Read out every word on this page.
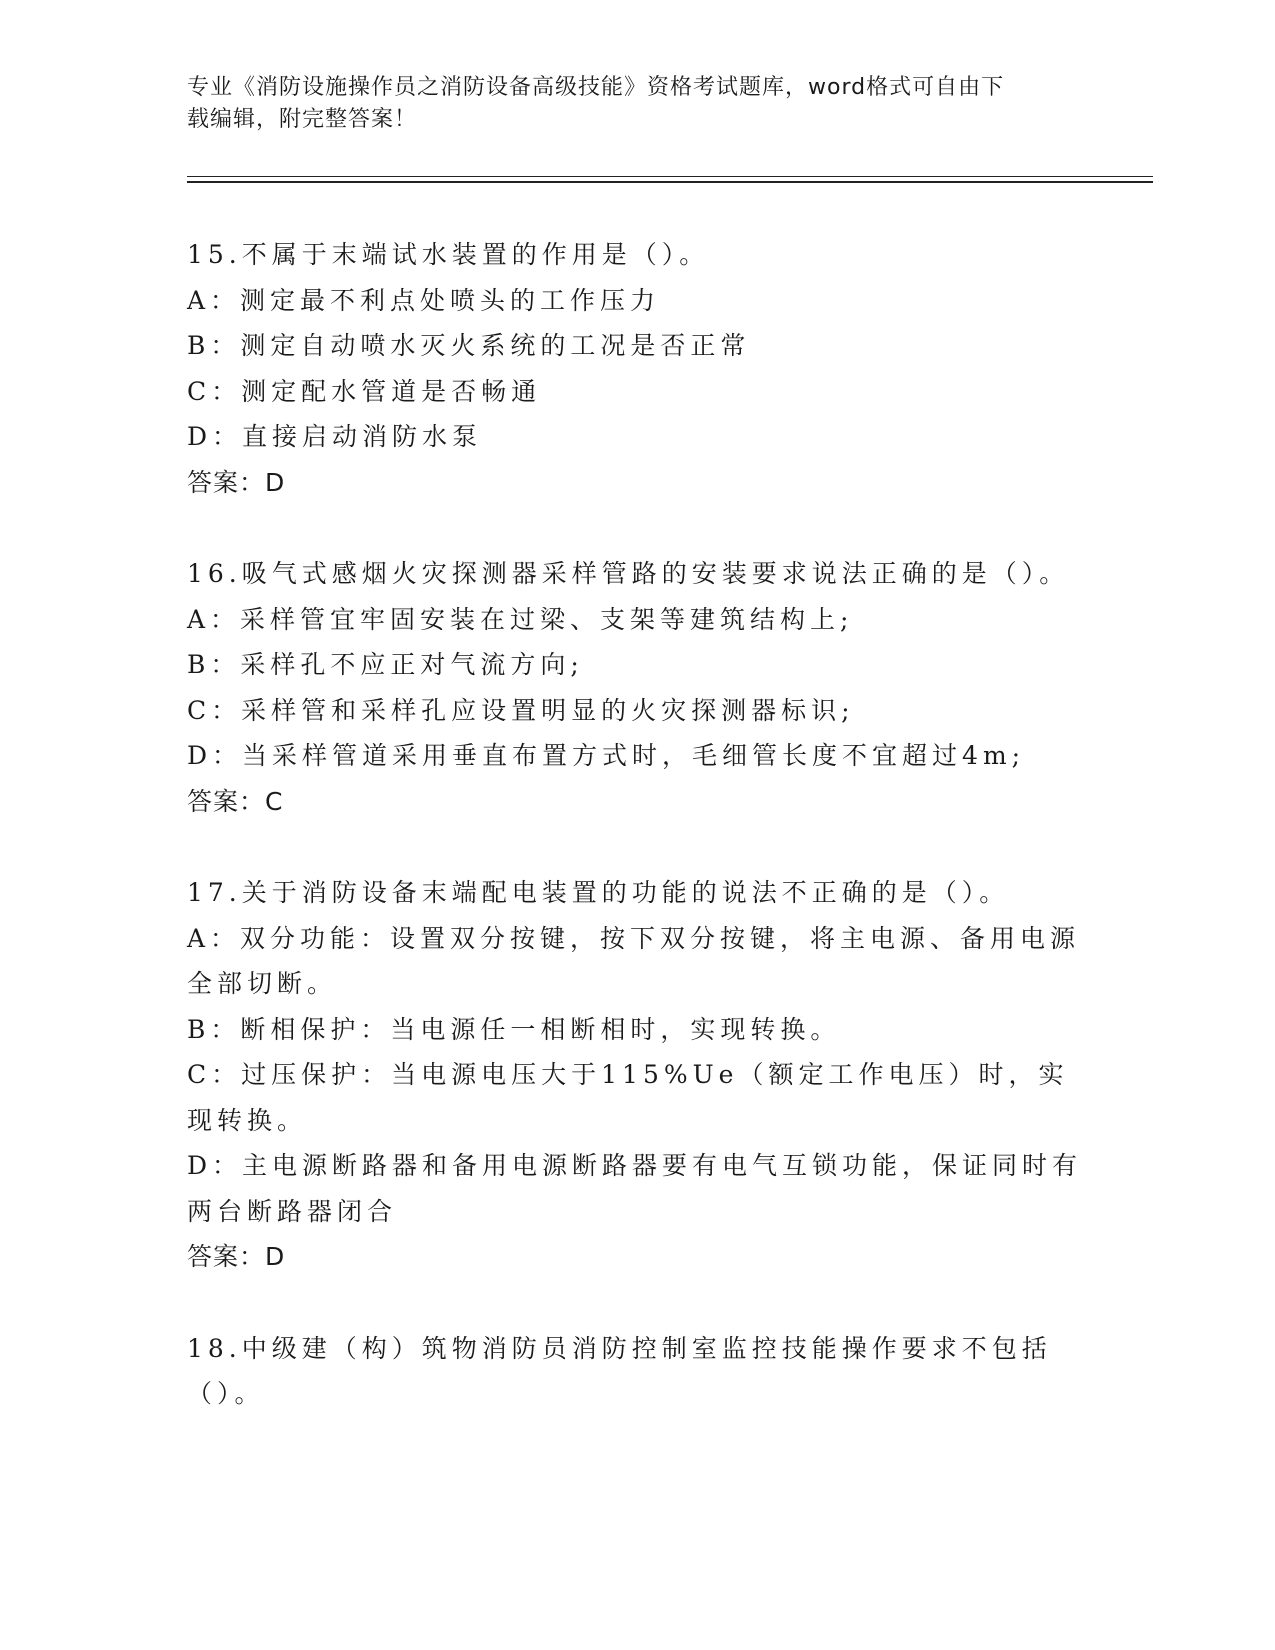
专业《消防设施操作员之消防设备高级技能》资格考试题库，word格式可自由下
载编辑，附完整答案！
15.不属于末端试水装置的作用是（）。
A：测定最不利点处喷头的工作压力
B：测定自动喷水灭火系统的工况是否正常
C：测定配水管道是否畅通
D：直接启动消防水泵
答案：D
16.吸气式感烟火灾探测器采样管路的安装要求说法正确的是（）。
A：采样管宜牢固安装在过梁、支架等建筑结构上;
B：采样孔不应正对气流方向;
C：采样管和采样孔应设置明显的火灾探测器标识;
D：当采样管道采用垂直布置方式时，毛细管长度不宜超过4m;
答案：C
17.关于消防设备末端配电装置的功能的说法不正确的是（）。
A：双分功能：设置双分按键，按下双分按键，将主电源、备用电源全部切断。
B：断相保护：当电源任一相断相时，实现转换。
C：过压保护：当电源电压大于115%Ue（额定工作电压）时，实现转换。
D：主电源断路器和备用电源断路器要有电气互锁功能，保证同时有两台断路器闭合
答案：D
18.中级建（构）筑物消防员消防控制室监控技能操作要求不包括（）。
